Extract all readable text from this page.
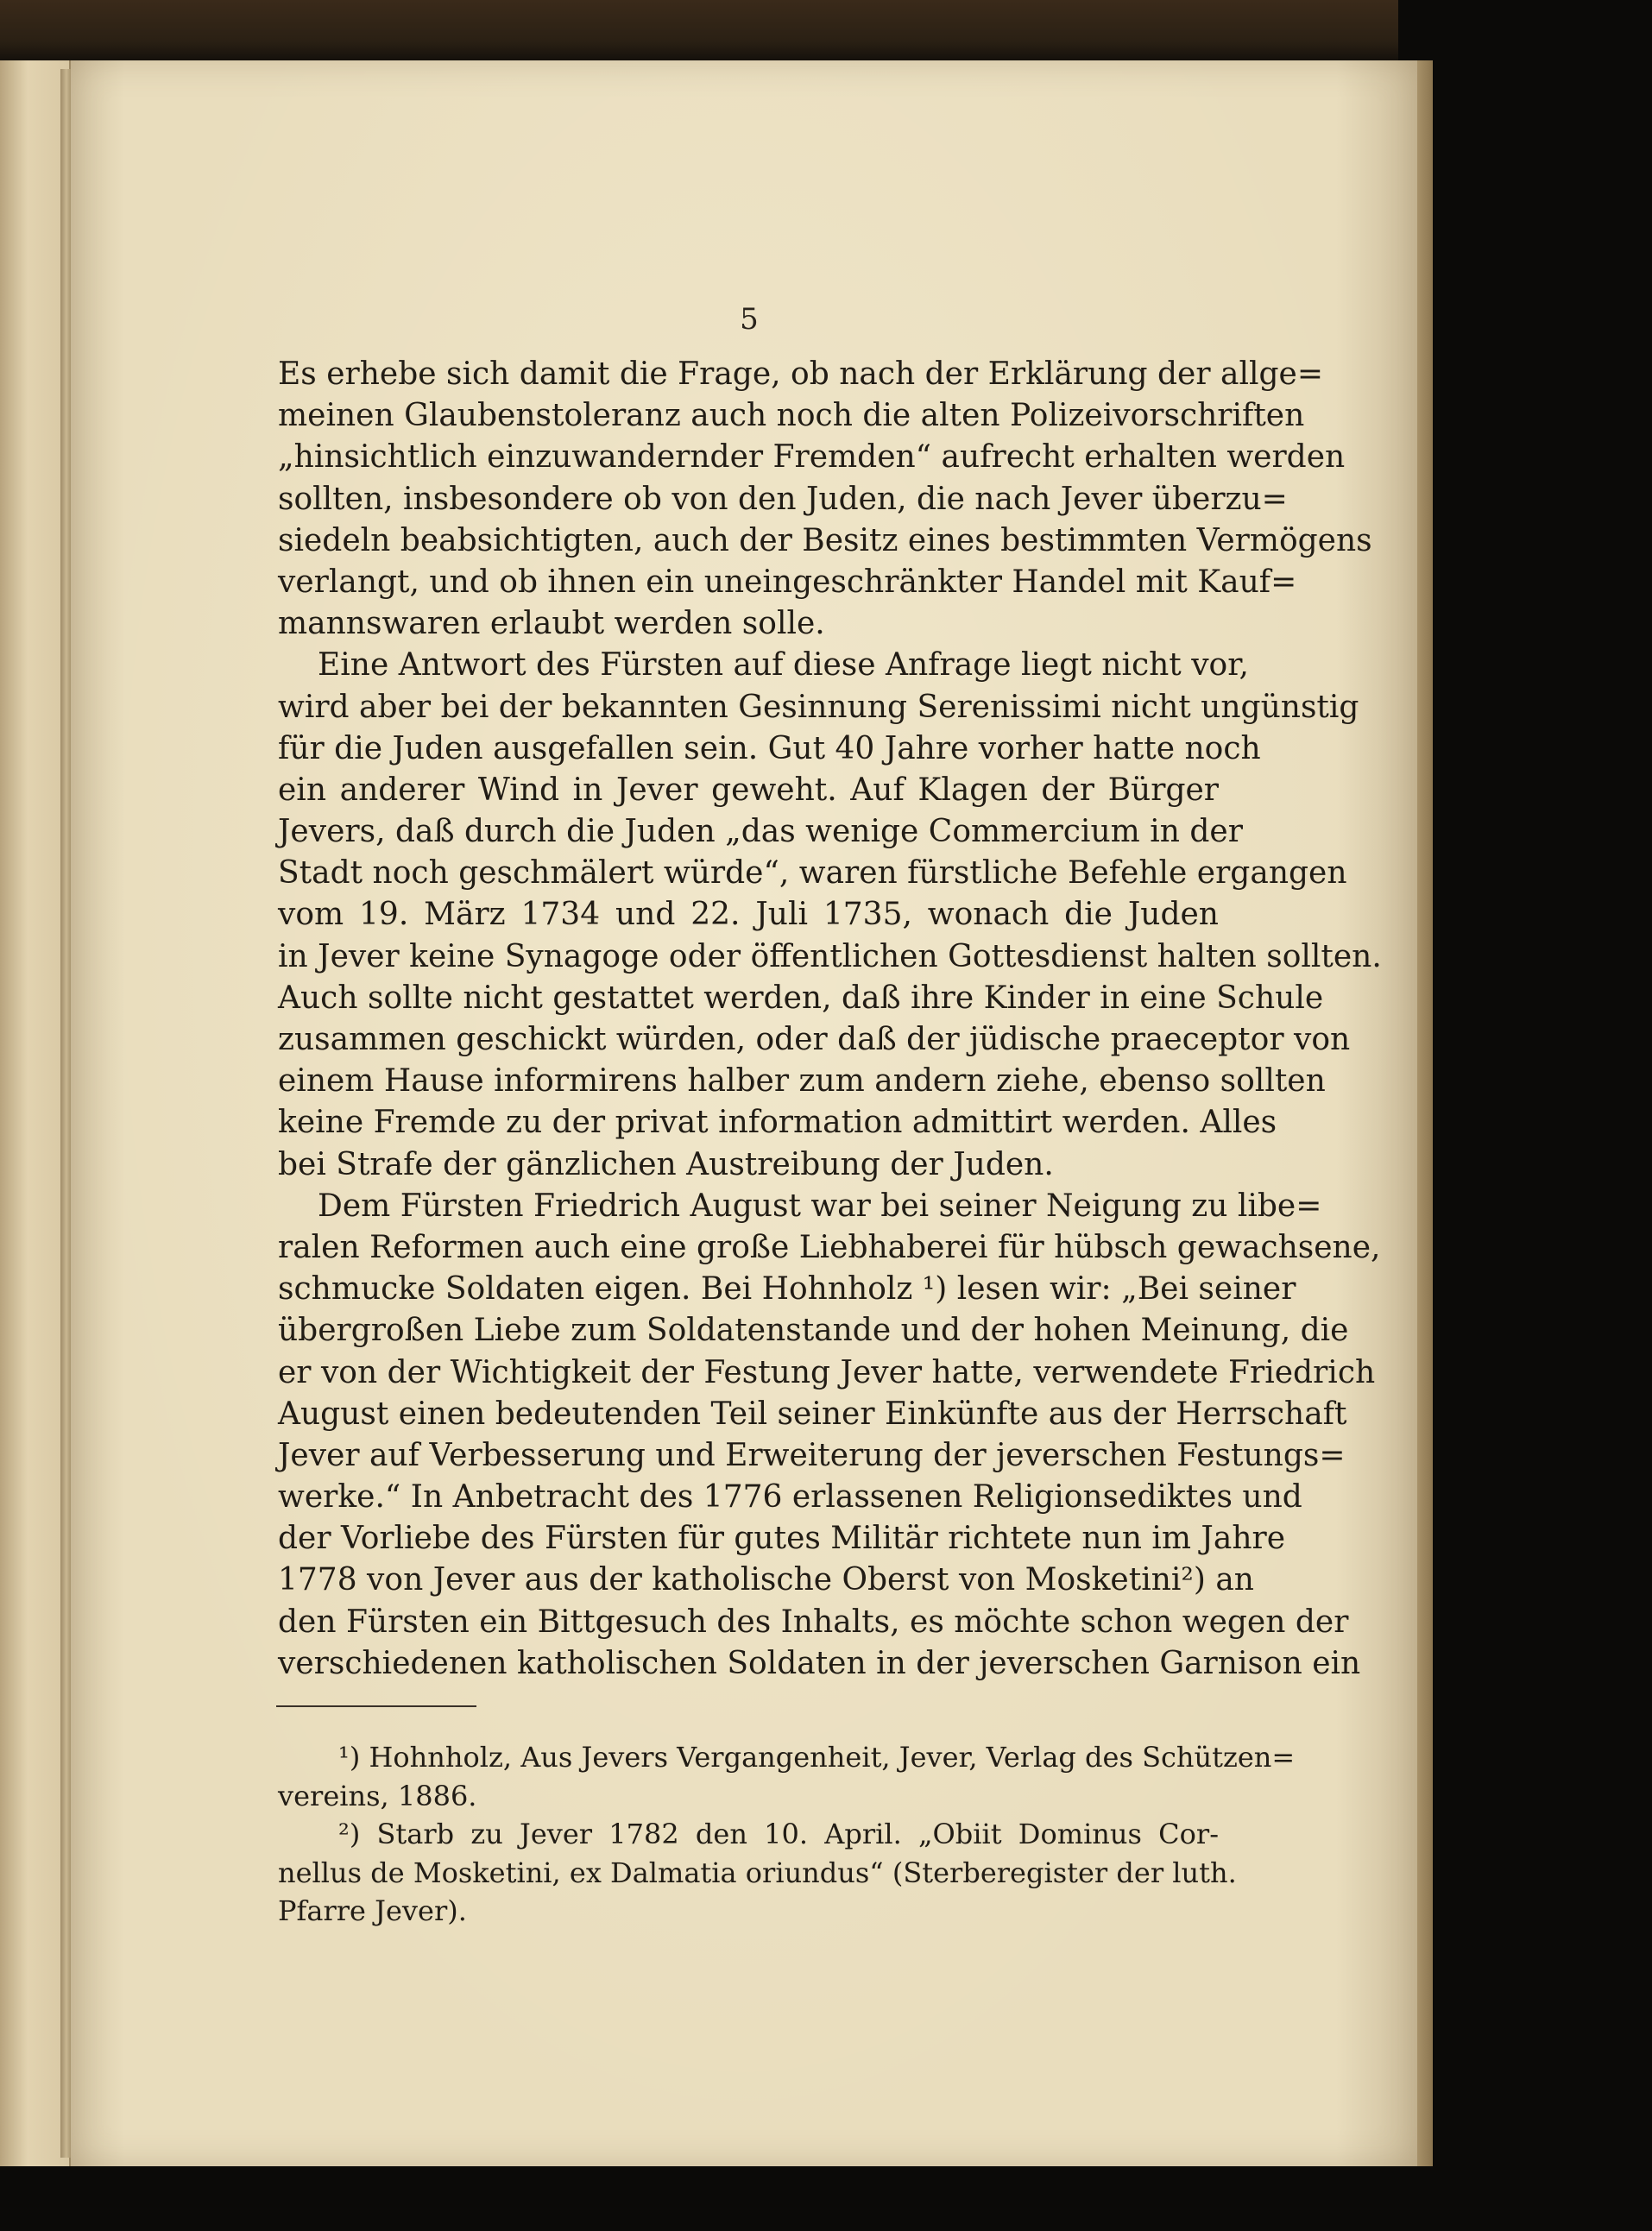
5
Es erhebe sich damit die Frage, ob nach der Erklärung der allge=
meinen Glaubenstoleranz auch noch die alten Polizeivorschriften
„hinsichtlich einzuwandernder Fremden“ aufrecht erhalten werden
sollten, insbesondere ob von den Juden, die nach Jever überzu=
siedeln beabsichtigten, auch der Besitz eines bestimmten Vermögens
verlangt, und ob ihnen ein uneingeschränkter Handel mit Kauf=
mannswaren erlaubt werden solle.
Eine Antwort des Fürsten auf diese Anfrage liegt nicht vor,
wird aber bei der bekannten Gesinnung Serenissimi nicht ungünstig
für die Juden ausgefallen sein. Gut 40 Jahre vorher hatte noch
ein anderer Wind in Jever geweht. Auf Klagen der Bürger
Jevers, daß durch die Juden „das wenige Commercium in der
Stadt noch geschmälert würde“, waren fürstliche Befehle ergangen
vom 19. März 1734 und 22. Juli 1735, wonach die Juden
in Jever keine Synagoge oder öffentlichen Gottesdienst halten sollten.
Auch sollte nicht gestattet werden, daß ihre Kinder in eine Schule
zusammen geschickt würden, oder daß der jüdische praeceptor von
einem Hause informirens halber zum andern ziehe, ebenso sollten
keine Fremde zu der privat information admittirt werden. Alles
bei Strafe der gänzlichen Austreibung der Juden.
Dem Fürsten Friedrich August war bei seiner Neigung zu libe=
ralen Reformen auch eine große Liebhaberei für hübsch gewachsene,
schmucke Soldaten eigen. Bei Hohnholz ¹) lesen wir: „Bei seiner
übergroßen Liebe zum Soldatenstande und der hohen Meinung, die
er von der Wichtigkeit der Festung Jever hatte, verwendete Friedrich
August einen bedeutenden Teil seiner Einkünfte aus der Herrschaft
Jever auf Verbesserung und Erweiterung der jeverschen Festungs=
werke.“ In Anbetracht des 1776 erlassenen Religionsediktes und
der Vorliebe des Fürsten für gutes Militär richtete nun im Jahre
1778 von Jever aus der katholische Oberst von Mosketini²) an
den Fürsten ein Bittgesuch des Inhalts, es möchte schon wegen der
verschiedenen katholischen Soldaten in der jeverschen Garnison ein
¹) Hohnholz, Aus Jevers Vergangenheit, Jever, Verlag des Schützen=
vereins, 1886.
²) Starb zu Jever 1782 den 10. April. „Obiit Dominus Cor-
nellus de Mosketini, ex Dalmatia oriundus“ (Sterberegister der luth.
Pfarre Jever).
